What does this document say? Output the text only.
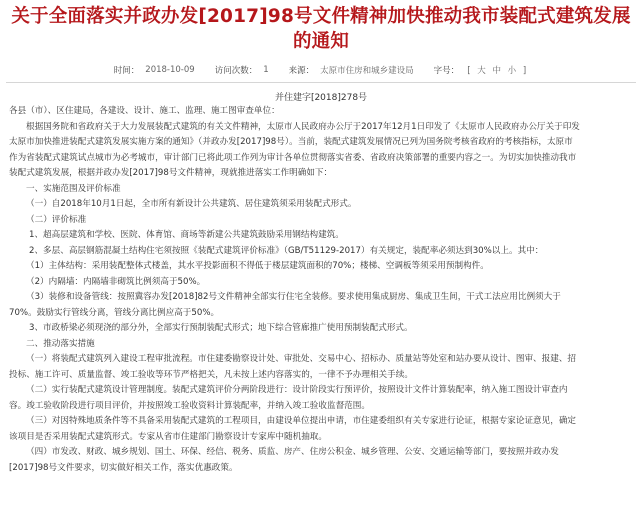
关于全面落实并政办发[2017]98号文件精神加快推动我市装配式建筑发展的通知
时间： 2018-10-09 访问次数： 1 来源： 太原市住房和城乡建设局 字号： [ 大 中 小 ]
并住建字[2018]278号

各县（市）、区住建局，各建设、设计、施工、监理、施工图审查单位：

根据国务院和省政府关于大力发展装配式建筑的有关文件精神，太原市人民政府办公厅于2017年12月1日印发了《太原市人民政府办公厅关于印发

太原市加快推进装配式建筑发展实施方案的通知》（并政办发[2017]98号）。当前，装配式建筑发展情况已列为国务院考核省政府的考核指标，太原市

作为省装配式建筑试点城市为必考城市，审计部门已将此项工作列为审计各单位贯彻落实省委、省政府决策部署的重要内容之一。为切实加快推动我市

装配式建筑发展，根据并政办发[2017]98号文件精神，现就推进落实工作明确如下：

一、实施范围及评价标准

（一）自2018年10月1日起，全市所有新设计公共建筑、居住建筑须采用装配式形式。

（二）评价标准

1、超高层建筑和学校、医院、体育馆、商场等新建公共建筑鼓励采用钢结构建筑。

2、多层、高层钢筋混凝土结构住宅须按照《装配式建筑评价标准》（GB/T51129-2017）有关规定，装配率必须达到30%以上。其中：

（1）主体结构：采用装配整体式楼盖，其水平投影面积不得低于楼层建筑面积的70%；楼梯、空调板等须采用预制构件。

（2）内隔墙：内隔墙非砌筑比例须高于50%。

（3）装修和设备管线：按照冀容办发[2018]82号文件精神全部实行住宅全装修。要求使用集成厨房、集成卫生间，干式工法应用比例须大于

70%。鼓励实行管线分离，管线分离比例应高于50%。

3、市政桥梁必须现浇的部分外，全部实行预制装配式形式；地下综合管廊推广使用预制装配式形式。

二、推动落实措施

（一）将装配式建筑列入建设工程审批流程。市住建委勘察设计处、审批处、交易中心、招标办、质量站等处室和站办要从设计、图审、报建、招

投标、施工许可、质量监督、竣工验收等环节严格把关，凡未按上述内容落实的，一律不予办理相关手续。

（二）实行装配式建筑设计管理制度。装配式建筑评价分两阶段进行：设计阶段实行预评价，按照设计文件计算装配率，纳入施工图设计审查内

容。竣工验收阶段进行项目评价，并按照竣工验收资料计算装配率，并纳入竣工验收监督范围。

（三）对因特殊地质条件等不具备采用装配式建筑的工程项目，由建设单位提出申请，市住建委组织有关专家进行论证，根据专家论证意见，确定

该项目是否采用装配式建筑形式。专家从省市住建部门勘察设计专家库中随机抽取。

（四）市发改、财政、城乡规划、国土、环保、经信、税务、质监、房产、住房公积金、城乡管理、公安、交通运输等部门，要按照并政办发

[2017]98号文件要求，切实做好相关工作，落实优惠政策。
